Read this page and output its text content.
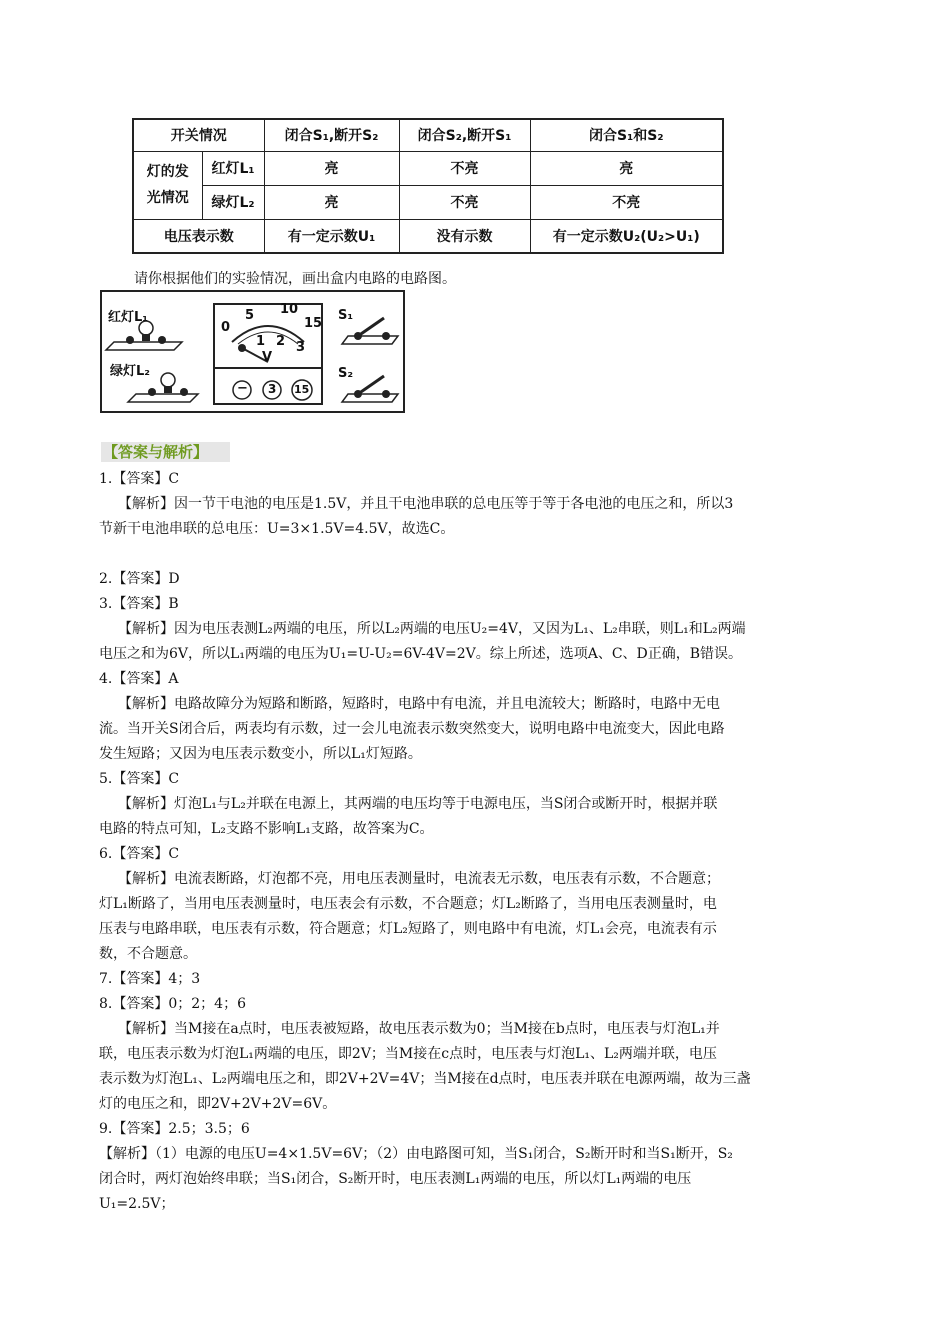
开关情况		闭合S₁,断开S₂	闭合S₂,断开S₁	闭合S₁和S₂

灯的发
光情况	红灯L₁	亮	不亮	亮
	绿灯L₂	亮	不亮	不亮
电压表示数		有一定示数U₁	没有示数	有一定示数U₂(U₂>U₁)
请你根据他们的实验情况，画出盒内电路的电路图。
红灯L₁
绿灯L₂
S₁
S₂
0
5 10
15
1 2 3
V
− 3 15
【答案与解析】
1.【答案】C
【解析】因一节干电池的电压是1.5V，并且干电池串联的总电压等于等于各电池的电压之和，所以3
节新干电池串联的总电压：U=3×1.5V=4.5V，故选C。
2.【答案】D
3.【答案】B
【解析】因为电压表测L₂两端的电压，所以L₂两端的电压U₂=4V，又因为L₁、L₂串联，则L₁和L₂两端
电压之和为6V，所以L₁两端的电压为U₁=U-U₂=6V-4V=2V。综上所述，选项A、C、D正确，B错误。
4.【答案】A
【解析】电路故障分为短路和断路，短路时，电路中有电流，并且电流较大；断路时，电路中无电
流。当开关S闭合后，两表均有示数，过一会儿电流表示数突然变大，说明电路中电流变大，因此电路
发生短路；又因为电压表示数变小，所以L₁灯短路。
5.【答案】C
【解析】灯泡L₁与L₂并联在电源上，其两端的电压均等于电源电压，当S闭合或断开时，根据并联
电路的特点可知，L₂支路不影响L₁支路，故答案为C。
6.【答案】C
【解析】电流表断路，灯泡都不亮，用电压表测量时，电流表无示数，电压表有示数，不合题意；
灯L₁断路了，当用电压表测量时，电压表会有示数，不合题意；灯L₂断路了，当用电压表测量时，电
压表与电路串联，电压表有示数，符合题意；灯L₂短路了，则电路中有电流，灯L₁会亮，电流表有示
数，不合题意。
7.【答案】4；3
8.【答案】0；2；4；6
【解析】当M接在a点时，电压表被短路，故电压表示数为0；当M接在b点时，电压表与灯泡L₁并
联，电压表示数为灯泡L₁两端的电压，即2V；当M接在c点时，电压表与灯泡L₁、L₂两端并联，电压
表示数为灯泡L₁、L₂两端电压之和，即2V+2V=4V；当M接在d点时，电压表并联在电源两端，故为三盏
灯的电压之和，即2V+2V+2V=6V。
9.【答案】2.5；3.5；6
【解析】（1）电源的电压U=4×1.5V=6V；（2）由电路图可知，当S₁闭合，S₂断开时和当S₁断开，S₂
闭合时，两灯泡始终串联；当S₁闭合，S₂断开时，电压表测L₁两端的电压，所以灯L₁两端的电压
U₁=2.5V；
